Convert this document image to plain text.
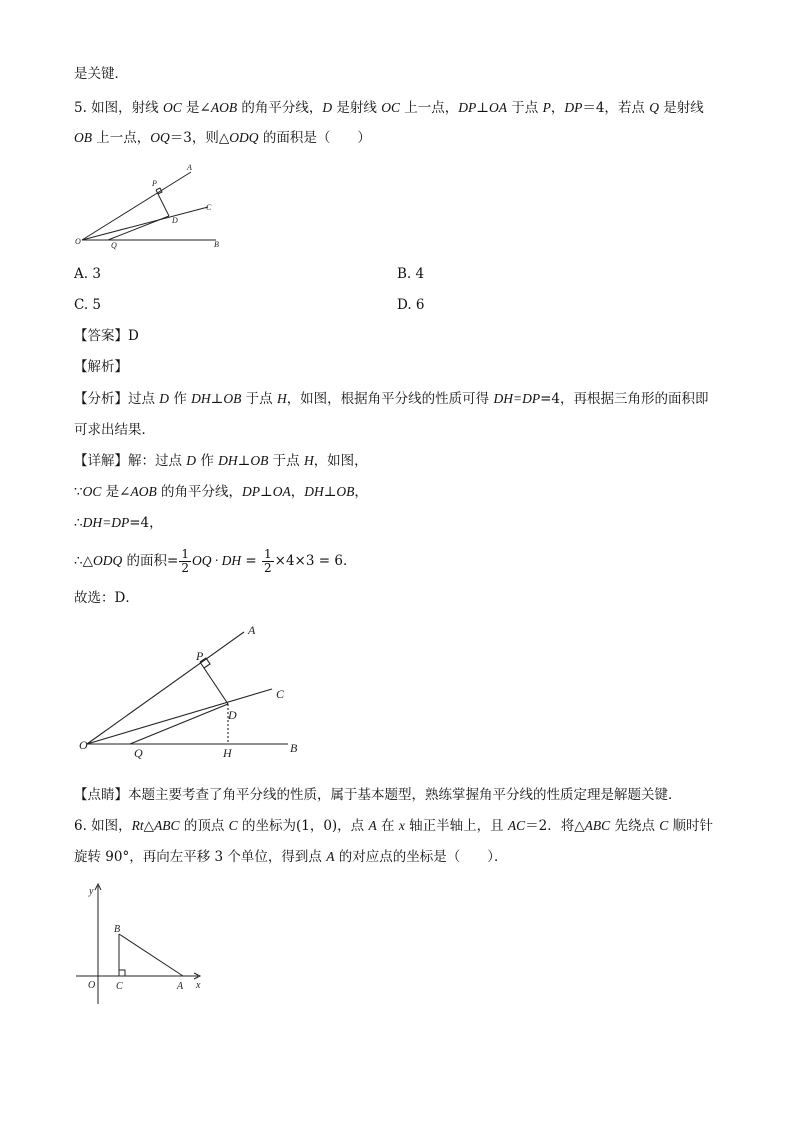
是关键．
5. 如图，射线 OC 是∠AOB 的角平分线，D 是射线 OC 上一点，DP⊥OA 于点 P，DP＝4，若点 Q 是射线
OB 上一点，OQ＝3，则△ODQ 的面积是（　　）
A
P
C
D
O	Q	B
A. 3	B. 4
C. 5	D. 6
【答案】D
【解析】
【分析】过点 D 作 DH⊥OB 于点 H，如图，根据角平分线的性质可得 DH=DP=4，再根据三角形的面积即
可求出结果．
【详解】解：过点 D 作 DH⊥OB 于点 H，如图，
∵OC 是∠AOB 的角平分线，DP⊥OA，DH⊥OB，
∴DH=DP=4，
∴△ODQ 的面积= $\frac{1}{2}$ OQ · DH = $\frac{1}{2} \times 4\times 3 = 6$．
故选：D．
A
P
C
D
O
Q	H	B
【点睛】本题主要考查了角平分线的性质，属于基本题型，熟练掌握角平分线的性质定理是解题关键．
6. 如图，Rt△ABC 的顶点 C 的坐标为(1，0)，点 A 在 x 轴正半轴上，且 AC＝2．将△ABC 先绕点 C 顺时针
旋转 90°，再向左平移 3 个单位，得到点 A 的对应点的坐标是（　　）．
y
B
O C	A x
